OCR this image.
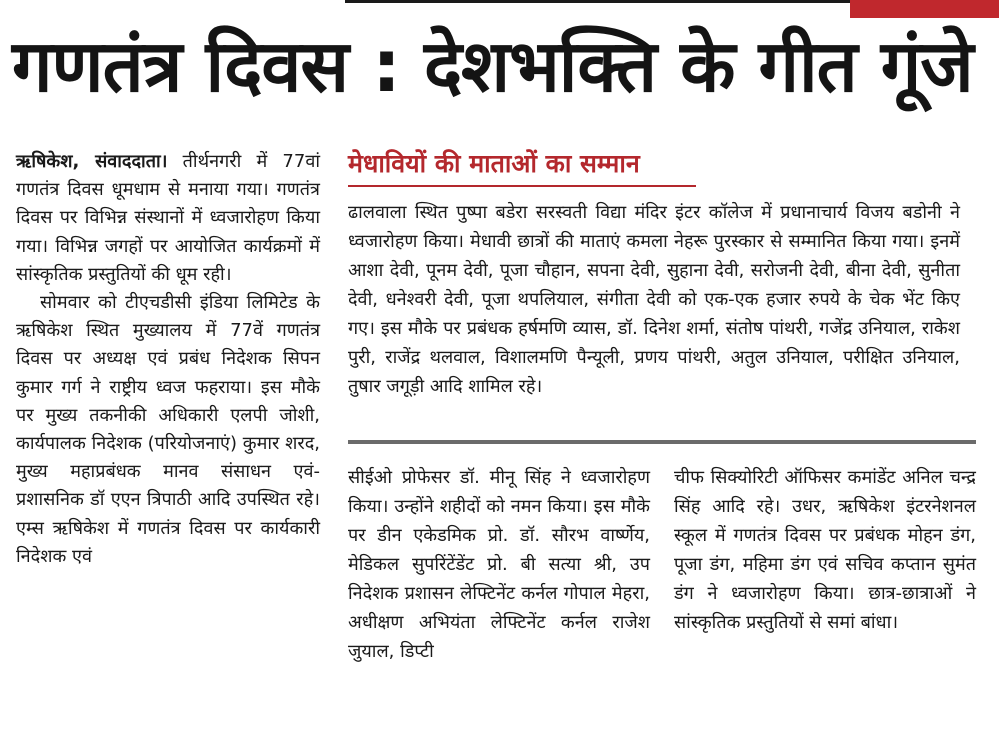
गणतंत्र दिवस : देशभक्ति के गीत गूंजे

ऋषिकेश, संवाददाता। तीर्थनगरी में 77वां गणतंत्र दिवस धूमधाम से मनाया गया। गणतंत्र दिवस पर विभिन्न संस्थानों में ध्वजारोहण किया गया। विभिन्न जगहों पर आयोजित कार्यक्रमों में सांस्कृतिक प्रस्तुतियों की धूम रही।
सोमवार को टीएचडीसी इंडिया लिमिटेड के ऋषिकेश स्थित मुख्यालय में 77वें गणतंत्र दिवस पर अध्यक्ष एवं प्रबंध निदेशक सिपन कुमार गर्ग ने राष्ट्रीय ध्वज फहराया। इस मौके पर मुख्य तकनीकी अधिकारी एलपी जोशी, कार्यपालक निदेशक (परियोजनाएं) कुमार शरद, मुख्य महाप्रबंधक मानव संसाधन एवं-प्रशासनिक डॉ एएन त्रिपाठी आदि उपस्थित रहे। एम्स ऋषिकेश में गणतंत्र दिवस पर कार्यकारी निदेशक एवं

मेधावियों की माताओं का सम्मान

ढालवाला स्थित पुष्पा बडेरा सरस्वती विद्या मंदिर इंटर कॉलेज में प्रधानाचार्य विजय बडोनी ने ध्वजारोहण किया। मेधावी छात्रों की माताएं कमला नेहरू पुरस्कार से सम्मानित किया गया। इनमें आशा देवी, पूनम देवी, पूजा चौहान, सपना देवी, सुहाना देवी, सरोजनी देवी, बीना देवी, सुनीता देवी, धनेश्वरी देवी, पूजा थपलियाल, संगीता देवी को एक-एक हजार रुपये के चेक भेंट किए गए। इस मौके पर प्रबंधक हर्षमणि व्यास, डॉ. दिनेश शर्मा, संतोष पांथरी, गजेंद्र उनियाल, राकेश पुरी, राजेंद्र थलवाल, विशालमणि पैन्यूली, प्रणय पांथरी, अतुल उनियाल, परीक्षित उनियाल, तुषार जगूड़ी आदि शामिल रहे।

सीईओ प्रोफेसर डॉ. मीनू सिंह ने ध्वजारोहण किया। उन्होंने शहीदों को नमन किया। इस मौके पर डीन एकेडमिक प्रो. डॉ. सौरभ वार्ष्णेय, मेडिकल सुपरिंटेंडेंट प्रो. बी सत्या श्री, उप निदेशक प्रशासन लेफ्टिनेंट कर्नल गोपाल मेहरा, अधीक्षण अभियंता लेफ्टिनेंट कर्नल राजेश जुयाल, डिप्टी

चीफ सिक्योरिटी ऑफिसर कमांडेंट अनिल चन्द्र सिंह आदि रहे। उधर, ऋषिकेश इंटरनेशनल स्कूल में गणतंत्र दिवस पर प्रबंधक मोहन डंग, पूजा डंग, महिमा डंग एवं सचिव कप्तान सुमंत डंग ने ध्वजारोहण किया। छात्र-छात्राओं ने सांस्कृतिक प्रस्तुतियों से समां बांधा।
